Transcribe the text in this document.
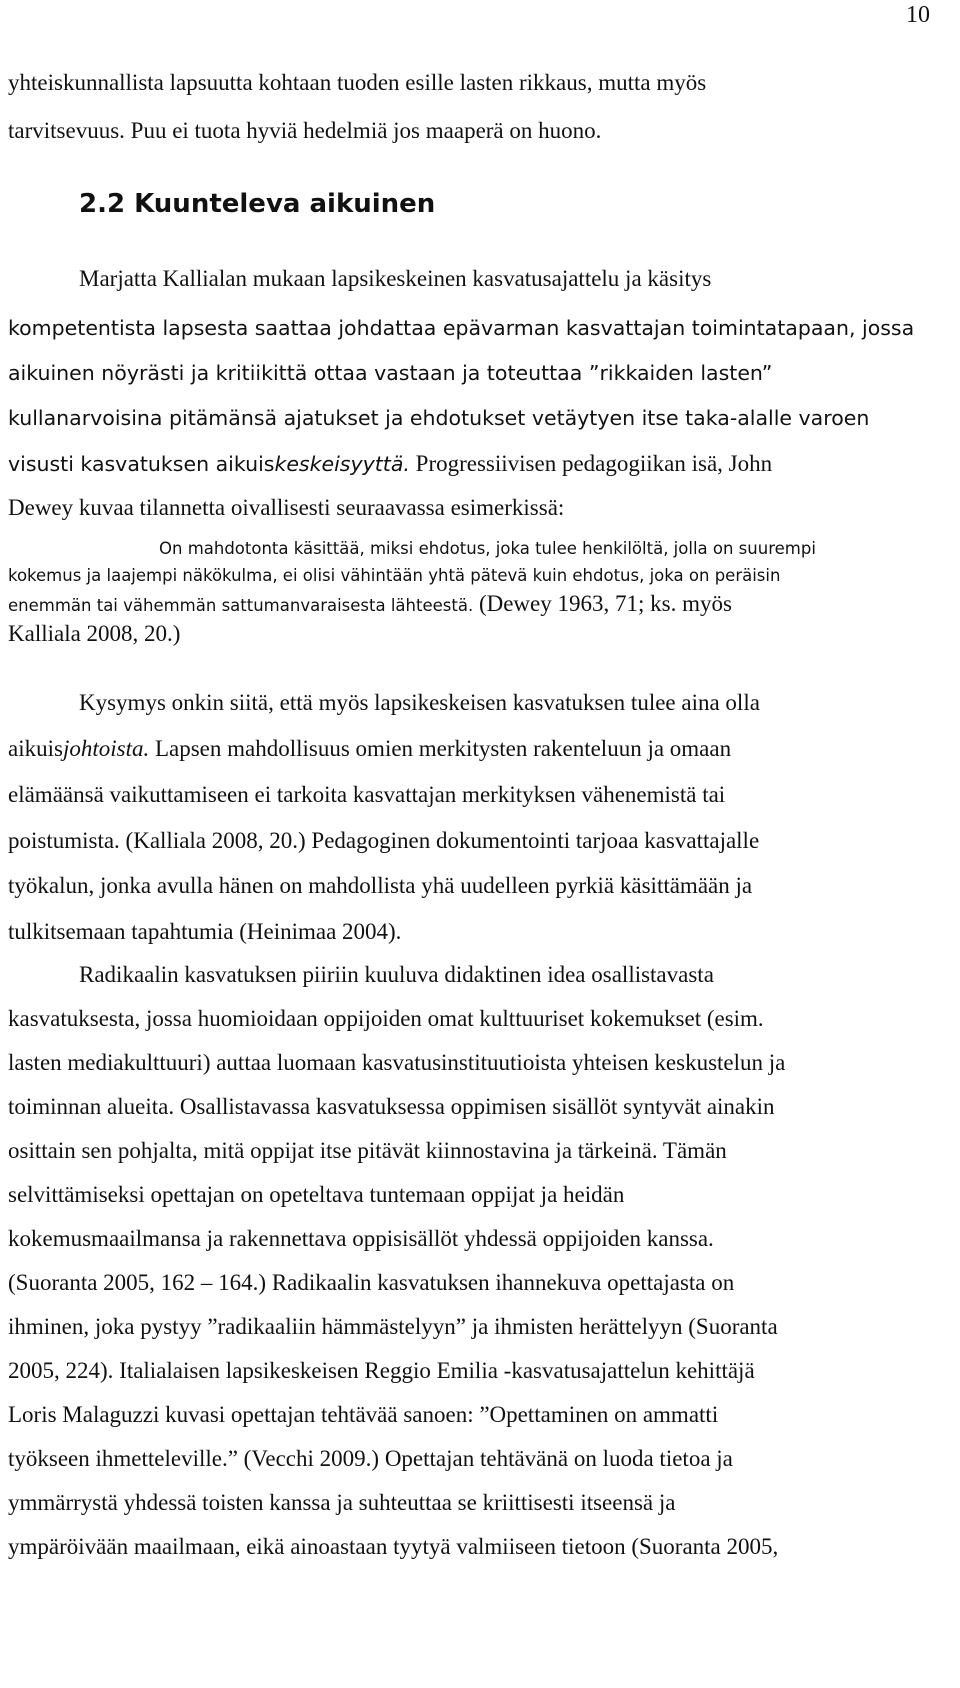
10
yhteiskunnallista lapsuutta kohtaan tuoden esille lasten rikkaus, mutta myös
tarvitsevuus. Puu ei tuota hyviä hedelmiä jos maaperä on huono.
2.2 Kuunteleva aikuinen
Marjatta Kallialan mukaan lapsikeskeinen kasvatusajattelu ja käsitys
kompetentista lapsesta saattaa johdattaa epävarman kasvattajan toimintatapaan, jossa
aikuinen nöyrästi ja kritiikittä ottaa vastaan ja toteuttaa ”rikkaiden lasten”
kullanarvoisina pitämänsä ajatukset ja ehdotukset vetäytyen itse taka-alalle varoen
visusti kasvatuksen aikuiskeskeisyyttä. Progressiivisen pedagogiikan isä, John
Dewey kuvaa tilannetta oivallisesti seuraavassa esimerkissä:
On mahdotonta käsittää, miksi ehdotus, joka tulee henkilöltä, jolla on suurempi
kokemus ja laajempi näkökulma, ei olisi vähintään yhtä pätevä kuin ehdotus, joka on peräisin
enemmän tai vähemmän sattumanvaraisesta lähteestä. (Dewey 1963, 71; ks. myös
Kalliala 2008, 20.)
Kysymys onkin siitä, että myös lapsikeskeisen kasvatuksen tulee aina olla
aikuisjohtoista. Lapsen mahdollisuus omien merkitysten rakenteluun ja omaan
elämäänsä vaikuttamiseen ei tarkoita kasvattajan merkityksen vähenemistä tai
poistumista. (Kalliala 2008, 20.) Pedagoginen dokumentointi tarjoaa kasvattajalle
työkalun, jonka avulla hänen on mahdollista yhä uudelleen pyrkiä käsittämään ja
tulkitsemaan tapahtumia (Heinimaa 2004).
Radikaalin kasvatuksen piiriin kuuluva didaktinen idea osallistavasta
kasvatuksesta, jossa huomioidaan oppijoiden omat kulttuuriset kokemukset (esim.
lasten mediakulttuuri) auttaa luomaan kasvatusinstituutioista yhteisen keskustelun ja
toiminnan alueita. Osallistavassa kasvatuksessa oppimisen sisällöt syntyvät ainakin
osittain sen pohjalta, mitä oppijat itse pitävät kiinnostavina ja tärkeinä. Tämän
selvittämiseksi opettajan on opeteltava tuntemaan oppijat ja heidän
kokemusmaailmansa ja rakennettava oppisisällöt yhdessä oppijoiden kanssa.
(Suoranta 2005, 162 – 164.) Radikaalin kasvatuksen ihannekuva opettajasta on
ihminen, joka pystyy ”radikaaliin hämmästelyyn” ja ihmisten herättelyyn (Suoranta
2005, 224). Italialaisen lapsikeskeisen Reggio Emilia -kasvatusajattelun kehittäjä
Loris Malaguzzi kuvasi opettajan tehtävää sanoen: ”Opettaminen on ammatti
työkseen ihmetteleville.” (Vecchi 2009.) Opettajan tehtävänä on luoda tietoa ja
ymmärrystä yhdessä toisten kanssa ja suhteuttaa se kriittisesti itseensä ja
ympäröivään maailmaan, eikä ainoastaan tyytyä valmiiseen tietoon (Suoranta 2005,
